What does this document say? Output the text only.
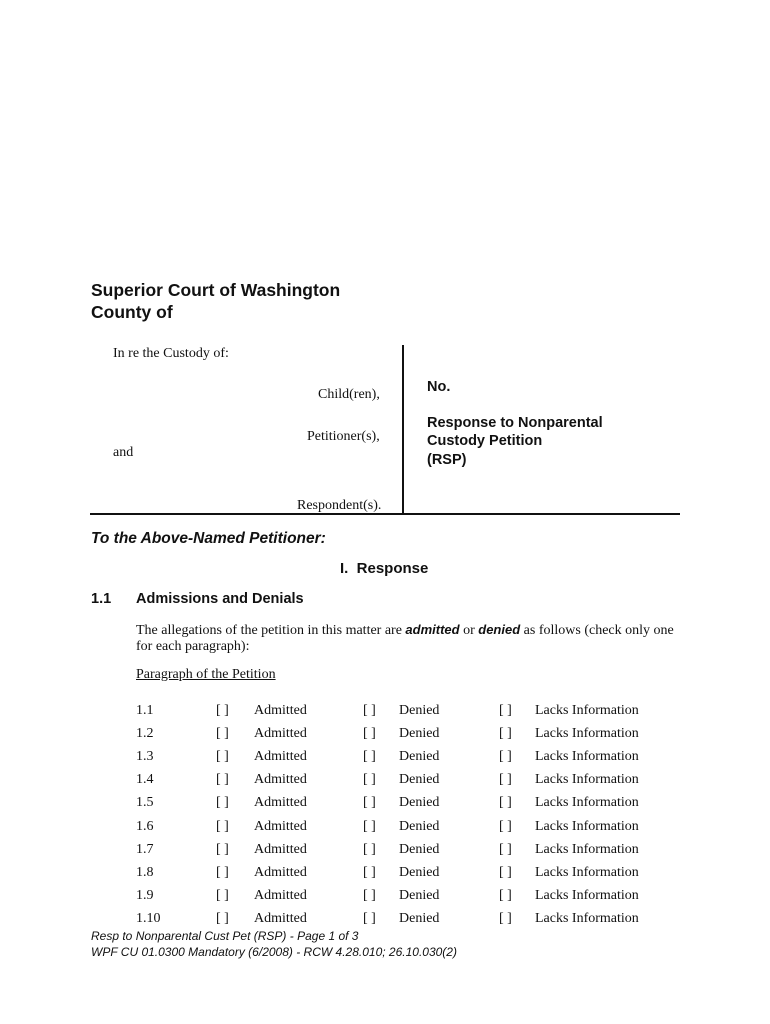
Superior Court of Washington
County of
In re the Custody of:
Child(ren),
Petitioner(s),
and
Respondent(s).
No.
Response to Nonparental
Custody Petition
(RSP)
To the Above-Named Petitioner:
I.  Response
1.1 Admissions and Denials
The allegations of the petition in this matter are admitted or denied as follows (check only one
for each paragraph):
Paragraph of the Petition
1.1	[ ] Admitted	[ ] Denied	[ ] Lacks Information
1.2	[ ] Admitted	[ ] Denied	[ ] Lacks Information
1.3	[ ] Admitted	[ ] Denied	[ ] Lacks Information
1.4	[ ] Admitted	[ ] Denied	[ ] Lacks Information
1.5	[ ] Admitted	[ ] Denied	[ ] Lacks Information
1.6	[ ] Admitted	[ ] Denied	[ ] Lacks Information
1.7	[ ] Admitted	[ ] Denied	[ ] Lacks Information
1.8	[ ] Admitted	[ ] Denied	[ ] Lacks Information
1.9	[ ] Admitted	[ ] Denied	[ ] Lacks Information
1.10	[ ] Admitted	[ ] Denied	[ ] Lacks Information
Resp to Nonparental Cust Pet (RSP) - Page 1 of 3
WPF CU 01.0300 Mandatory (6/2008) - RCW 4.28.010; 26.10.030(2)
